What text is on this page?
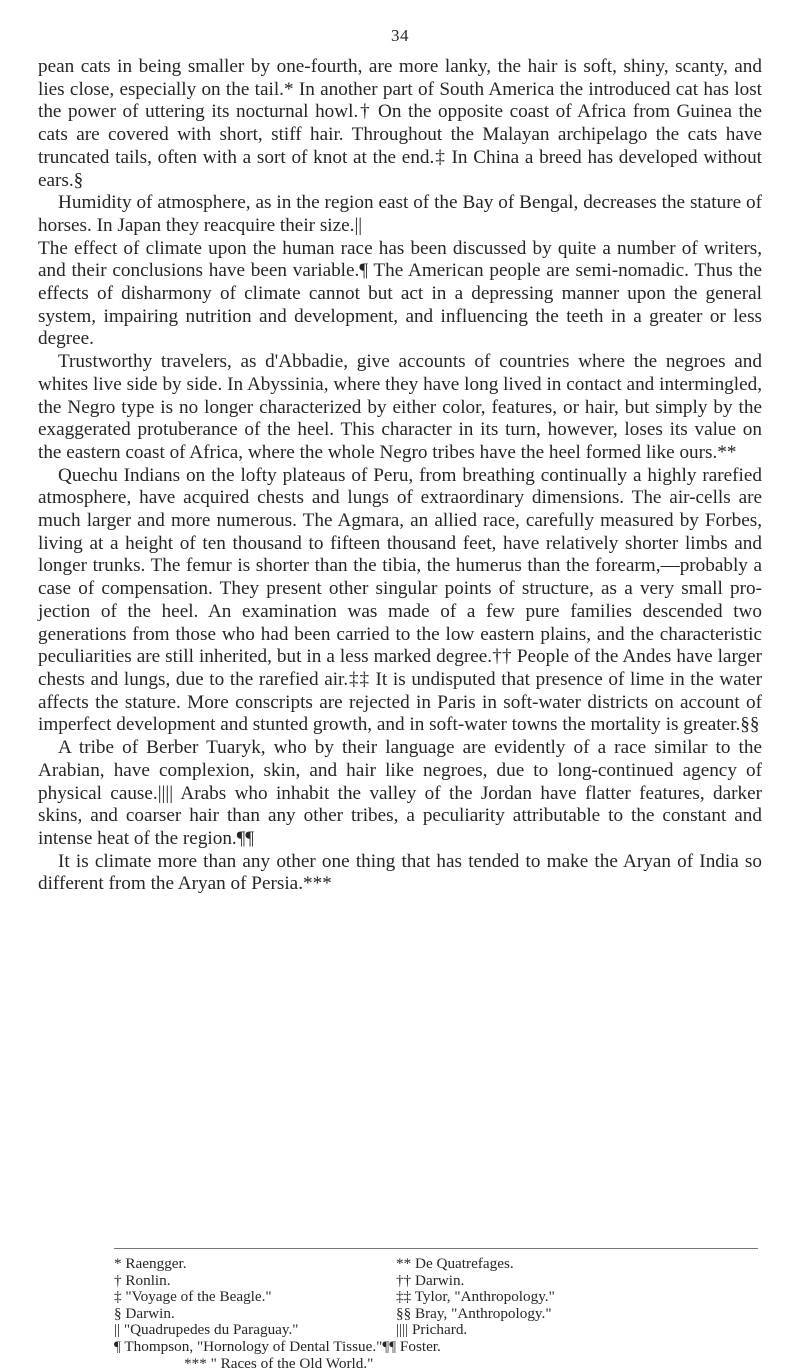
34

pean cats in being smaller by one-fourth, are more lanky, the hair is soft, shiny, scanty, and lies close, especially on the tail.* In another part of South America the introduced cat has lost the power of uttering its nocturnal howl.† On the opposite coast of Africa from Guinea the cats are covered with short, stiff hair. Throughout the Malayan archipelago the cats have truncated tails, often with a sort of knot at the end.‡ In China a breed has developed without ears.§

Humidity of atmosphere, as in the region east of the Bay of Bengal, decreases the stature of horses. In Japan they reacquire their size.||

The effect of climate upon the human race has been discussed by quite a number of writers, and their conclusions have been variable.¶ The American people are semi-nomadic. Thus the effects of disharmony of climate cannot but act in a depressing manner upon the general system, impairing nutrition and development, and influencing the teeth in a greater or less degree.

Trustworthy travelers, as d'Abbadie, give accounts of countries where the negroes and whites live side by side. In Abyssinia, where they have long lived in contact and intermingled, the Negro type is no longer characterized by either color, features, or hair, but simply by the exaggerated protuberance of the heel. This character in its turn, however, loses its value on the eastern coast of Africa, where the whole Negro tribes have the heel formed like ours.**

Quechu Indians on the lofty plateaus of Peru, from breathing continually a highly rarefied atmosphere, have acquired chests and lungs of extraordinary dimensions. The air-cells are much larger and more numerous. The Agmara, an allied race, carefully measured by Forbes, living at a height of ten thousand to fifteen thousand feet, have relatively shorter limbs and longer trunks. The femur is shorter than the tibia, the humerus than the forearm,—probably a case of compensation. They present other singular points of structure, as a very small projection of the heel. An examination was made of a few pure families descended two generations from those who had been carried to the low eastern plains, and the characteristic peculiarities are still inherited, but in a less marked degree.†† People of the Andes have larger chests and lungs, due to the rarefied air.‡‡ It is undisputed that presence of lime in the water affects the stature. More conscripts are rejected in Paris in soft-water districts on account of imperfect development and stunted growth, and in soft-water towns the mortality is greater.§§

A tribe of Berber Tuaryk, who by their language are evidently of a race similar to the Arabian, have complexion, skin, and hair like negroes, due to long-continued agency of physical cause.|||| Arabs who inhabit the valley of the Jordan have flatter features, darker skins, and coarser hair than any other tribes, a peculiarity attributable to the constant and intense heat of the region.¶¶

It is climate more than any other one thing that has tended to make the Aryan of India so different from the Aryan of Persia.***

* Raengger.	** De Quatrefages.
† Ronlin.	†† Darwin.
‡ "Voyage of the Beagle."	‡‡ Tylor, "Anthropology."
§ Darwin.	§§ Bray, "Anthropology."
|| "Quadrupedes du Paraguay."	|||| Prichard.
¶ Thompson, "Hornology of Dental Tissue."¶¶ Foster.
*** " Races of the Old World."
